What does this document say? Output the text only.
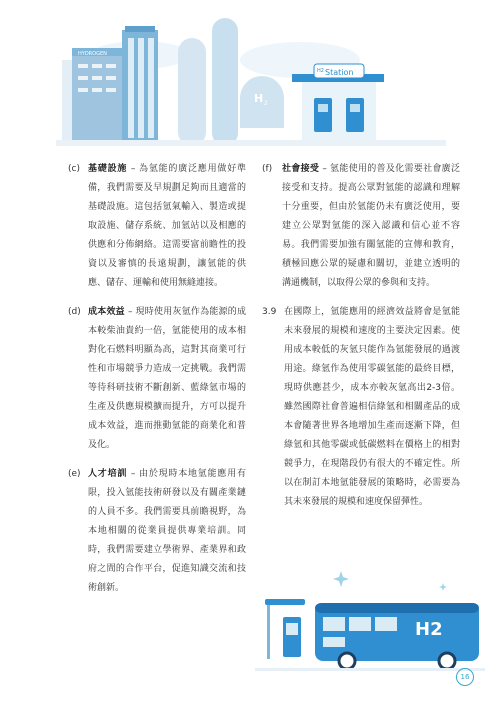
HYDROGEN
H 2
Station
H2
(c) 基礎設施 – 為氫能的廣泛應用做好準備，我們需要及早規劃足夠而且適當的基礎設施。這包括氫氣輸入、製造或提取設施、儲存系統、加氫站以及相應的供應和分佈網絡。這需要富前瞻性的投資以及審慎的長遠規劃，讓氫能的供應、儲存、運輸和使用無縫連接。
(d) 成本效益 – 現時使用灰氫作為能源的成本較柴油貴約一倍，氫能使用的成本相對化石燃料明顯為高，這對其商業可行性和市場競爭力造成一定挑戰。我們需等待科研技術不斷創新、藍綠氫市場的生產及供應規模擴而提升，方可以提升成本效益，進而推動氫能的商業化和普及化。
(e) 人才培訓 – 由於現時本地氫能應用有限，投入氫能技術研發以及有關產業鏈的人員不多。我們需要具前瞻視野，為本地相關的從業員提供專業培訓。同時，我們需要建立學術界、產業界和政府之間的合作平台，促進知識交流和技術創新。
(f) 社會接受 – 氫能使用的普及化需要社會廣泛接受和支持。提高公眾對氫能的認識和理解十分重要，但由於氫能仍未有廣泛使用，要建立公眾對氫能的深入認識和信心並不容易。我們需要加強有關氫能的宣傳和教育，積極回應公眾的疑慮和關切，並建立透明的溝通機制，以取得公眾的參與和支持。
3.9 在國際上，氫能應用的經濟效益將會是氫能未來發展的規模和速度的主要決定因素。使用成本較低的灰氫只能作為氫能發展的過渡用途。綠氫作為使用零碳氫能的最終目標，現時供應甚少，成本亦較灰氫高出2-3倍。雖然國際社會普遍相信綠氫和相關產品的成本會隨著世界各地增加生產而逐漸下降，但綠氫和其他零碳或低碳燃料在價格上的相對競爭力，在現階段仍有很大的不確定性。所以在制訂本地氫能發展的策略時，必需要為其未來發展的規模和速度保留彈性。
H2
16
